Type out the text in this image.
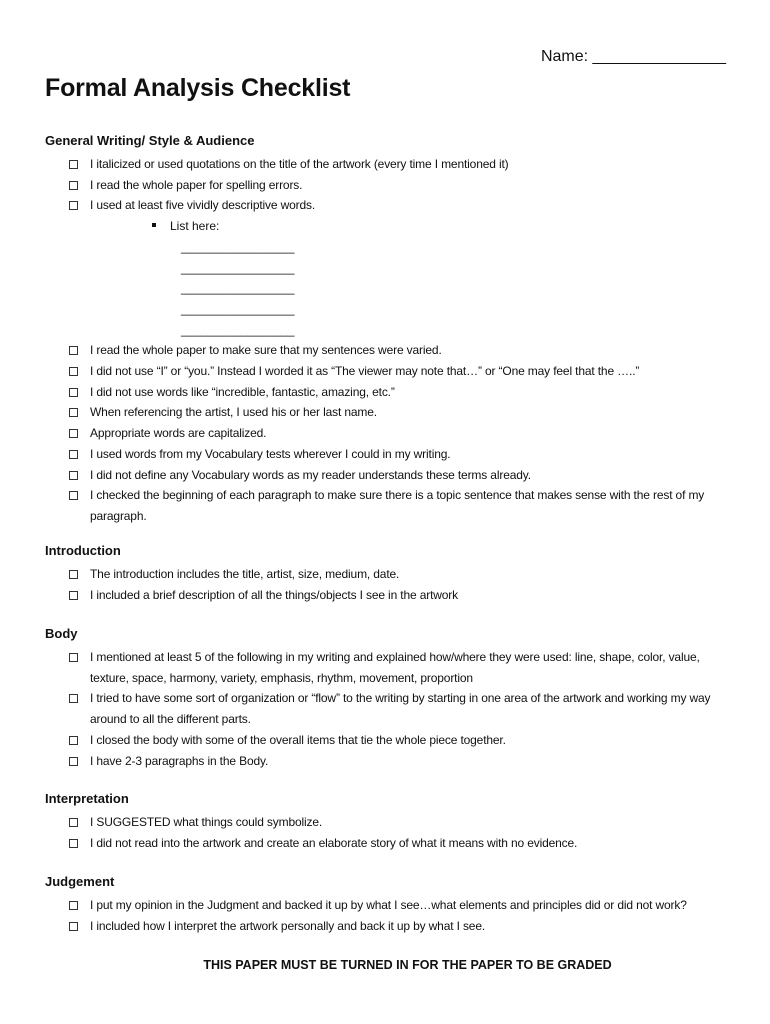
Name: _______________
Formal Analysis Checklist
General Writing/ Style & Audience
I italicized or used quotations on the title of the artwork (every time I mentioned it)
I read the whole paper for spelling errors.
I used at least five vividly descriptive words.
List here:
_________________
_________________
_________________
_________________
_________________
I read the whole paper to make sure that my sentences were varied.
I did not use “I” or “you.” Instead I worded it as “The viewer may note that…” or “One may feel that the …..”
I did not use words like “incredible, fantastic, amazing, etc.”
When referencing the artist, I used his or her last name.
Appropriate words are capitalized.
I used words from my Vocabulary tests wherever I could in my writing.
I did not define any Vocabulary words as my reader understands these terms already.
I checked the beginning of each paragraph to make sure there is a topic sentence that makes sense with the rest of my paragraph.
Introduction
The introduction includes the title, artist, size, medium, date.
I included a brief description of all the things/objects I see in the artwork
Body
I mentioned at least 5 of the following in my writing and explained how/where they were used: line, shape, color, value, texture, space, harmony, variety, emphasis, rhythm, movement, proportion
I tried to have some sort of organization or “flow” to the writing by starting in one area of the artwork and working my way around to all the different parts.
I closed the body with some of the overall items that tie the whole piece together.
I have 2-3 paragraphs in the Body.
Interpretation
I SUGGESTED what things could symbolize.
I did not read into the artwork and create an elaborate story of what it means with no evidence.
Judgement
I put my opinion in the Judgment and backed it up by what I see…what elements and principles did or did not work?
I included how I interpret the artwork personally and back it up by what I see.
THIS PAPER MUST BE TURNED IN FOR THE PAPER TO BE GRADED
